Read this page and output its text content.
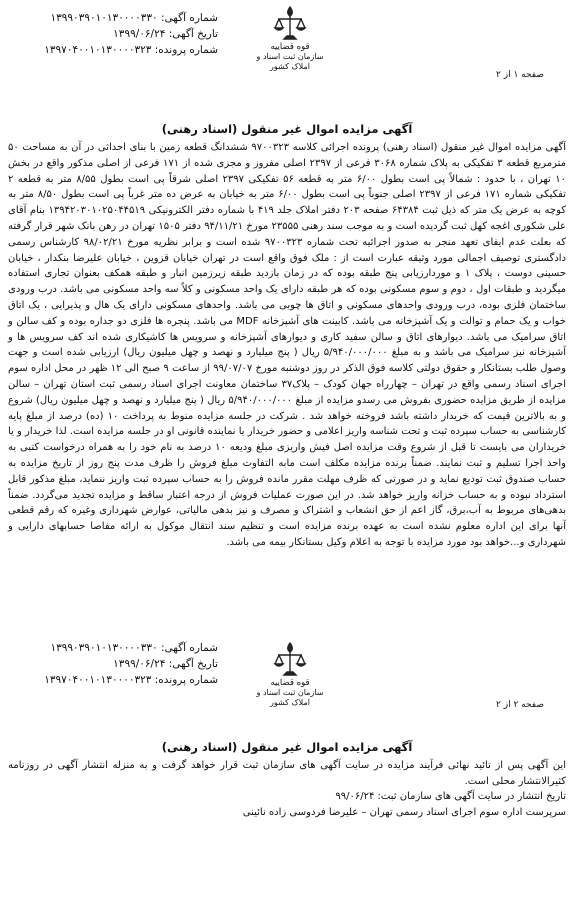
شماره آگهی: ۱۳۹۹۰۳۹۰۱۰۱۳۰۰۰۰۳۳۰
تاریخ آگهی: ۱۳۹۹/۰۶/۲۴
شماره پرونده: ۱۳۹۷۰۴۰۰۱۰۱۳۰۰۰۰۳۲۳	قوه قضاییه
سازمان ثبت اسناد و املاک کشور
صفحه ۱ از ۲
آگهی مزایده اموال غیر منقول (اسناد رهنی)

آگهی مزایده اموال غیر منقول (اسناد رهنی) پرونده اجرائی کلاسه ۹۷۰۰۳۲۳ ششدانگ قطعه زمین با بنای احداثی در آن به مساحت ۵۰ مترمربع قطعه ۳ تفکیکی به پلاک شماره ۳۰۶۸ فرعی از ۲۳۹۷ اصلی مفروز و مجزی شده از ۱۷۱ فرعی از اصلی مذکور واقع در بخش ۱۰ تهران ، با حدود : شمالاً پی است بطول ۶/۰۰ متر به قطعه ۵۶ تفکیکی ۲۳۹۷ اصلی شرقاً پی است بطول ۸/۵۵ متر به قطعه ۲ تفکیکی شماره ۱۷۱ فرعی از ۲۳۹۷ اصلی جنوباً پی است بطول ۶/۰۰ متر به خیابان به عرض ده متر غرباً پی است بطول ۸/۵۰ متر به کوچه به عرض یک متر که ذیل ثبت ۶۴۳۸۴ صفحه ۲۰۳ دفتر املاک جلد ۴۱۹ با شماره دفتر الکترونیکی ۱۳۹۴۲۰۳۰۱۰۲۵۰۴۴۵۱۹ بنام آقای علی شکوری اغجه کهل ثبت گردیده است و به موجب سند رهنی ۲۳۵۵۵ مورخ ۹۴/۱۱/۲۱ دفتر ۱۵۰۵ تهران در رهن بانک شهر قرار گرفته که بعلت عدم ایفای تعهد منجر به صدور اجرائیه تحت شماره ۹۷۰۰۳۲۳ شده است و برابر نظریه مورخ ۹۸/۰۲/۲۱ کارشناس رسمی دادگستری توصیف اجمالی مورد وثیقه عبارت است از : ملک فوق واقع است در تهران خیابان قزوین ، خیابان علیرضا بنکدار ، خیابان حسینی دوست ، پلاک ۱ و موردارزیابی پنج طبقه بوده که در زمان بازدید طبقه زیرزمین انبار و طبقه همکف بعنوان تجاری استفاده میگردید و طبقات اول ، دوم و سوم مسکونی بوده که هر طبقه دارای یک واحد مسکونی و کلاً سه واحد مسکونی می باشد. درب ورودی ساختمان فلزی بوده، درب ورودی واحدهای مسکونی و اتاق ها چوبی می باشد. واحدهای مسکونی دارای یک هال و پذیرایی ، یک اتاق خواب و یک حمام و توالت و یک آشپزخانه می باشد. کابینت های آشپزخانه MDF می باشد. پنجره ها فلزی دو جداره بوده و کف سالن و اتاق سرامیک می باشد. دیوارهای اتاق و سالن سفید کاری و دیوارهای آشپزخانه و سرویس ها کاشیکاری شده اند کف سرویس ها و آشپزخانه نیز سرامیک می باشد و به مبلغ ۵/۹۴۰/۰۰۰/۰۰۰ ریال ( پنج میلیارد و نهصد و چهل میلیون ریال) ارزیابی شده است و جهت وصول طلب بستانکار و حقوق دولتی کلاسه فوق الذکر در روز دوشنبه مورخ ۹۹/۰۷/۰۷ از ساعت ۹ صبح الی ۱۲ ظهر در محل اداره سوم اجرای اسناد رسمی واقع در تهران – چهارراه جهان کودک – پلاک۳۷ ساختمان معاونت اجرای اسناد رسمی ثبت استان تهران – سالن مزایده از طریق مزایده حضوری بفروش می رسدو مزایده از مبلغ ۵/۹۴۰/۰۰۰/۰۰۰ ریال ( پنج میلیارد و نهصد و چهل میلیون ریال) شروع و به بالاترین قیمت که خریدار داشته باشد فروخته خواهد شد . شرکت در جلسه مزایده منوط به پرداخت ۱۰ (ده) درصد از مبلغ پایه کارشناسی به حساب سپرده ثبت و تحت شناسه واریز اعلامی و حضور خریدار یا نماینده قانونی او در جلسه مزایده است. لذا خریدار و یا خریداران می بایست تا قبل از شروع وقت مزایده اصل فیش واریزی مبلغ ودیعه ۱۰ درصد به نام خود را به همراه درخواست کتبی به واحد اجرا تسلیم و ثبت نمایند. ضمناً برنده مزایده مکلف است مابه التفاوت مبلغ فروش را ظرف مدت پنج روز از تاریخ مزایده به حساب صندوق ثبت تودیع نماید و در صورتی که ظرف مهلت مقرر مانده فروش را به حساب سپرده ثبت واریز ننماید، مبلغ مذکور قابل استرداد نبوده و به حساب خزانه واریز خواهد شد. در این صورت عملیات فروش از درجه اعتبار ساقط و مزایده تجدید می‌گردد. ضمناً بدهی‌های مربوط به آب،برق، گاز اعم از حق انشعاب و اشتراک و مصرف و نیز بدهی مالیاتی، عوارض شهرداری وغیره که رقم قطعی آنها برای این اداره معلوم نشده است به عهده برنده مزایده است و تنظیم سند انتقال موکول به ارائه مفاصا حسابهای دارایی و شهرداری و...خواهد بود مورد مزایده با توجه به اعلام وکیل بستانکار بیمه می باشد.

شماره آگهی: ۱۳۹۹۰۳۹۰۱۰۱۳۰۰۰۰۳۳۰
تاریخ آگهی: ۱۳۹۹/۰۶/۲۴
شماره پرونده: ۱۳۹۷۰۴۰۰۱۰۱۳۰۰۰۰۳۲۳	قوه قضاییه
سازمان ثبت اسناد و املاک کشور	صفحه ۲ از ۲
آگهی مزایده اموال غیر منقول (اسناد رهنی)

این آگهی پس از تائید نهائی فرآیند مزایده در سایت آگهی های سازمان ثبت قرار خواهد گرفت و به منزله انتشار آگهی در روزنامه کثیرالانتشار محلی است.

تاریخ انتشار در سایت آگهی های سازمان ثبت: ۹۹/۰۶/۲۴

سرپرست اداره سوم اجرای اسناد رسمی تهران – علیرضا فردوسی زاده نائینی
